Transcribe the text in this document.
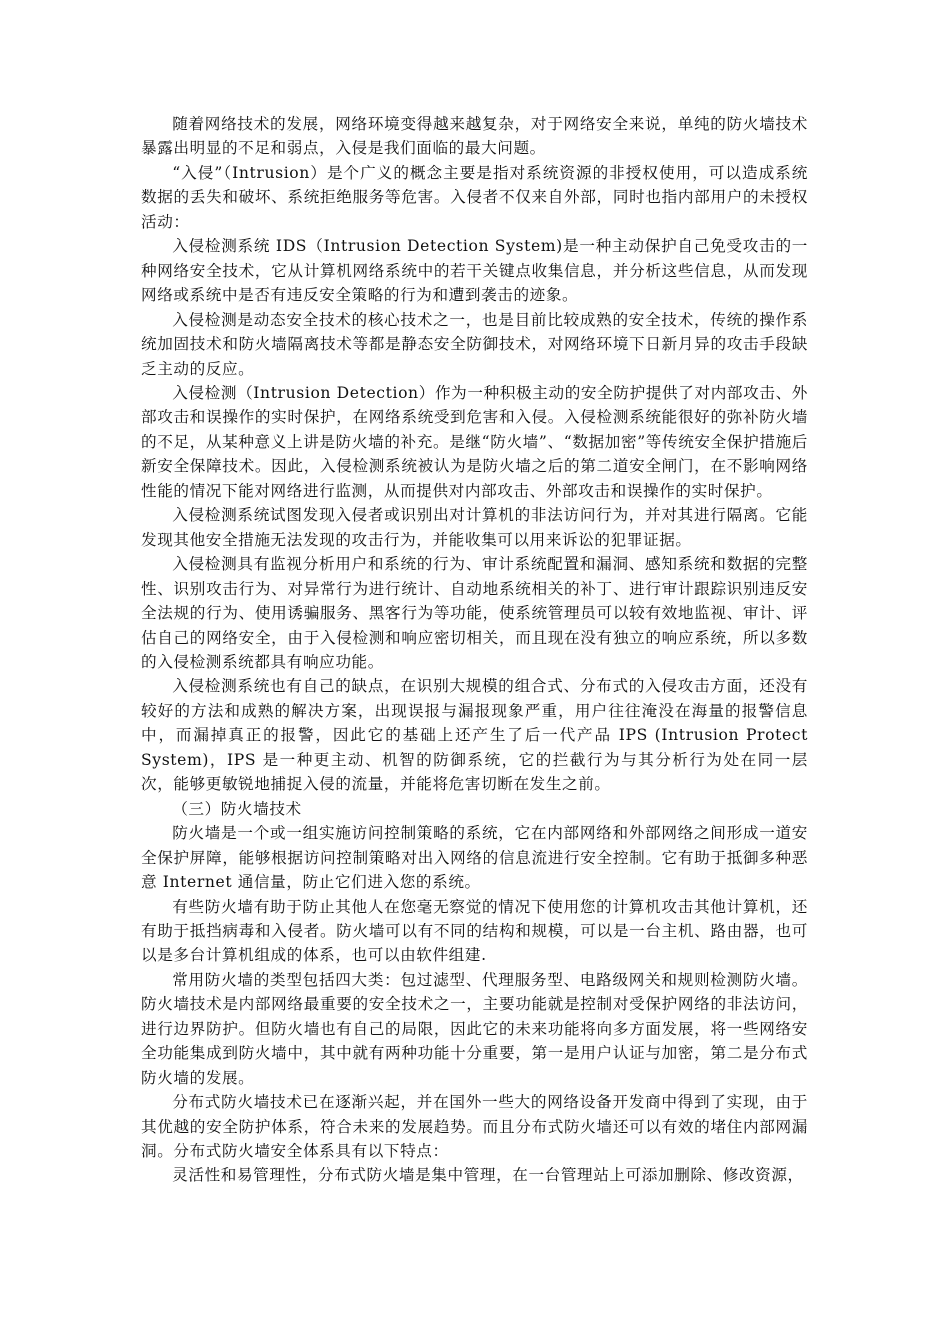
随着网络技术的发展，网络环境变得越来越复杂，对于网络安全来说，单纯的防火墙技术暴露出明显的不足和弱点，入侵是我们面临的最大问题。

“入侵”（Intrusion）是个广义的概念主要是指对系统资源的非授权使用，可以造成系统数据的丢失和破坏、系统拒绝服务等危害。入侵者不仅来自外部，同时也指内部用户的未授权活动：

入侵检测系统 IDS（Intrusion Detection System)是一种主动保护自己免受攻击的一种网络安全技术，它从计算机网络系统中的若干关键点收集信息，并分析这些信息，从而发现网络或系统中是否有违反安全策略的行为和遭到袭击的迹象。

入侵检测是动态安全技术的核心技术之一，也是目前比较成熟的安全技术，传统的操作系统加固技术和防火墙隔离技术等都是静态安全防御技术，对网络环境下日新月异的攻击手段缺乏主动的反应。

入侵检测（Intrusion Detection）作为一种积极主动的安全防护提供了对内部攻击、外部攻击和误操作的实时保护，在网络系统受到危害和入侵。入侵检测系统能很好的弥补防火墙的不足，从某种意义上讲是防火墙的补充。是继“防火墙”、“数据加密”等传统安全保护措施后新安全保障技术。因此，入侵检测系统被认为是防火墙之后的第二道安全闸门，在不影响网络性能的情况下能对网络进行监测，从而提供对内部攻击、外部攻击和误操作的实时保护。

入侵检测系统试图发现入侵者或识别出对计算机的非法访问行为，并对其进行隔离。它能发现其他安全措施无法发现的攻击行为，并能收集可以用来诉讼的犯罪证据。

入侵检测具有监视分析用户和系统的行为、审计系统配置和漏洞、感知系统和数据的完整性、识别攻击行为、对异常行为进行统计、自动地系统相关的补丁、进行审计跟踪识别违反安全法规的行为、使用诱骗服务、黑客行为等功能，使系统管理员可以较有效地监视、审计、评估自己的网络安全，由于入侵检测和响应密切相关，而且现在没有独立的响应系统，所以多数的入侵检测系统都具有响应功能。

入侵检测系统也有自己的缺点，在识别大规模的组合式、分布式的入侵攻击方面，还没有较好的方法和成熟的解决方案，出现误报与漏报现象严重，用户往往淹没在海量的报警信息中，而漏掉真正的报警，因此它的基础上还产生了后一代产品 IPS (Intrusion Protect System)，IPS 是一种更主动、机智的防御系统，它的拦截行为与其分析行为处在同一层次，能够更敏锐地捕捉入侵的流量，并能将危害切断在发生之前。

（三）防火墙技术

防火墙是一个或一组实施访问控制策略的系统，它在内部网络和外部网络之间形成一道安全保护屏障，能够根据访问控制策略对出入网络的信息流进行安全控制。它有助于抵御多种恶意 Internet 通信量，防止它们进入您的系统。

有些防火墙有助于防止其他人在您毫无察觉的情况下使用您的计算机攻击其他计算机，还有助于抵挡病毒和入侵者。防火墙可以有不同的结构和规模，可以是一台主机、路由器，也可以是多台计算机组成的体系，也可以由软件组建.

常用防火墙的类型包括四大类：包过滤型、代理服务型、电路级网关和规则检测防火墙。防火墙技术是内部网络最重要的安全技术之一，主要功能就是控制对受保护网络的非法访问，进行边界防护。但防火墙也有自己的局限，因此它的未来功能将向多方面发展，将一些网络安全功能集成到防火墙中，其中就有两种功能十分重要，第一是用户认证与加密，第二是分布式防火墙的发展。

分布式防火墙技术已在逐渐兴起，并在国外一些大的网络设备开发商中得到了实现，由于其优越的安全防护体系，符合未来的发展趋势。而且分布式防火墙还可以有效的堵住内部网漏洞。分布式防火墙安全体系具有以下特点：

灵活性和易管理性，分布式防火墙是集中管理，在一台管理站上可添加删除、修改资源，
